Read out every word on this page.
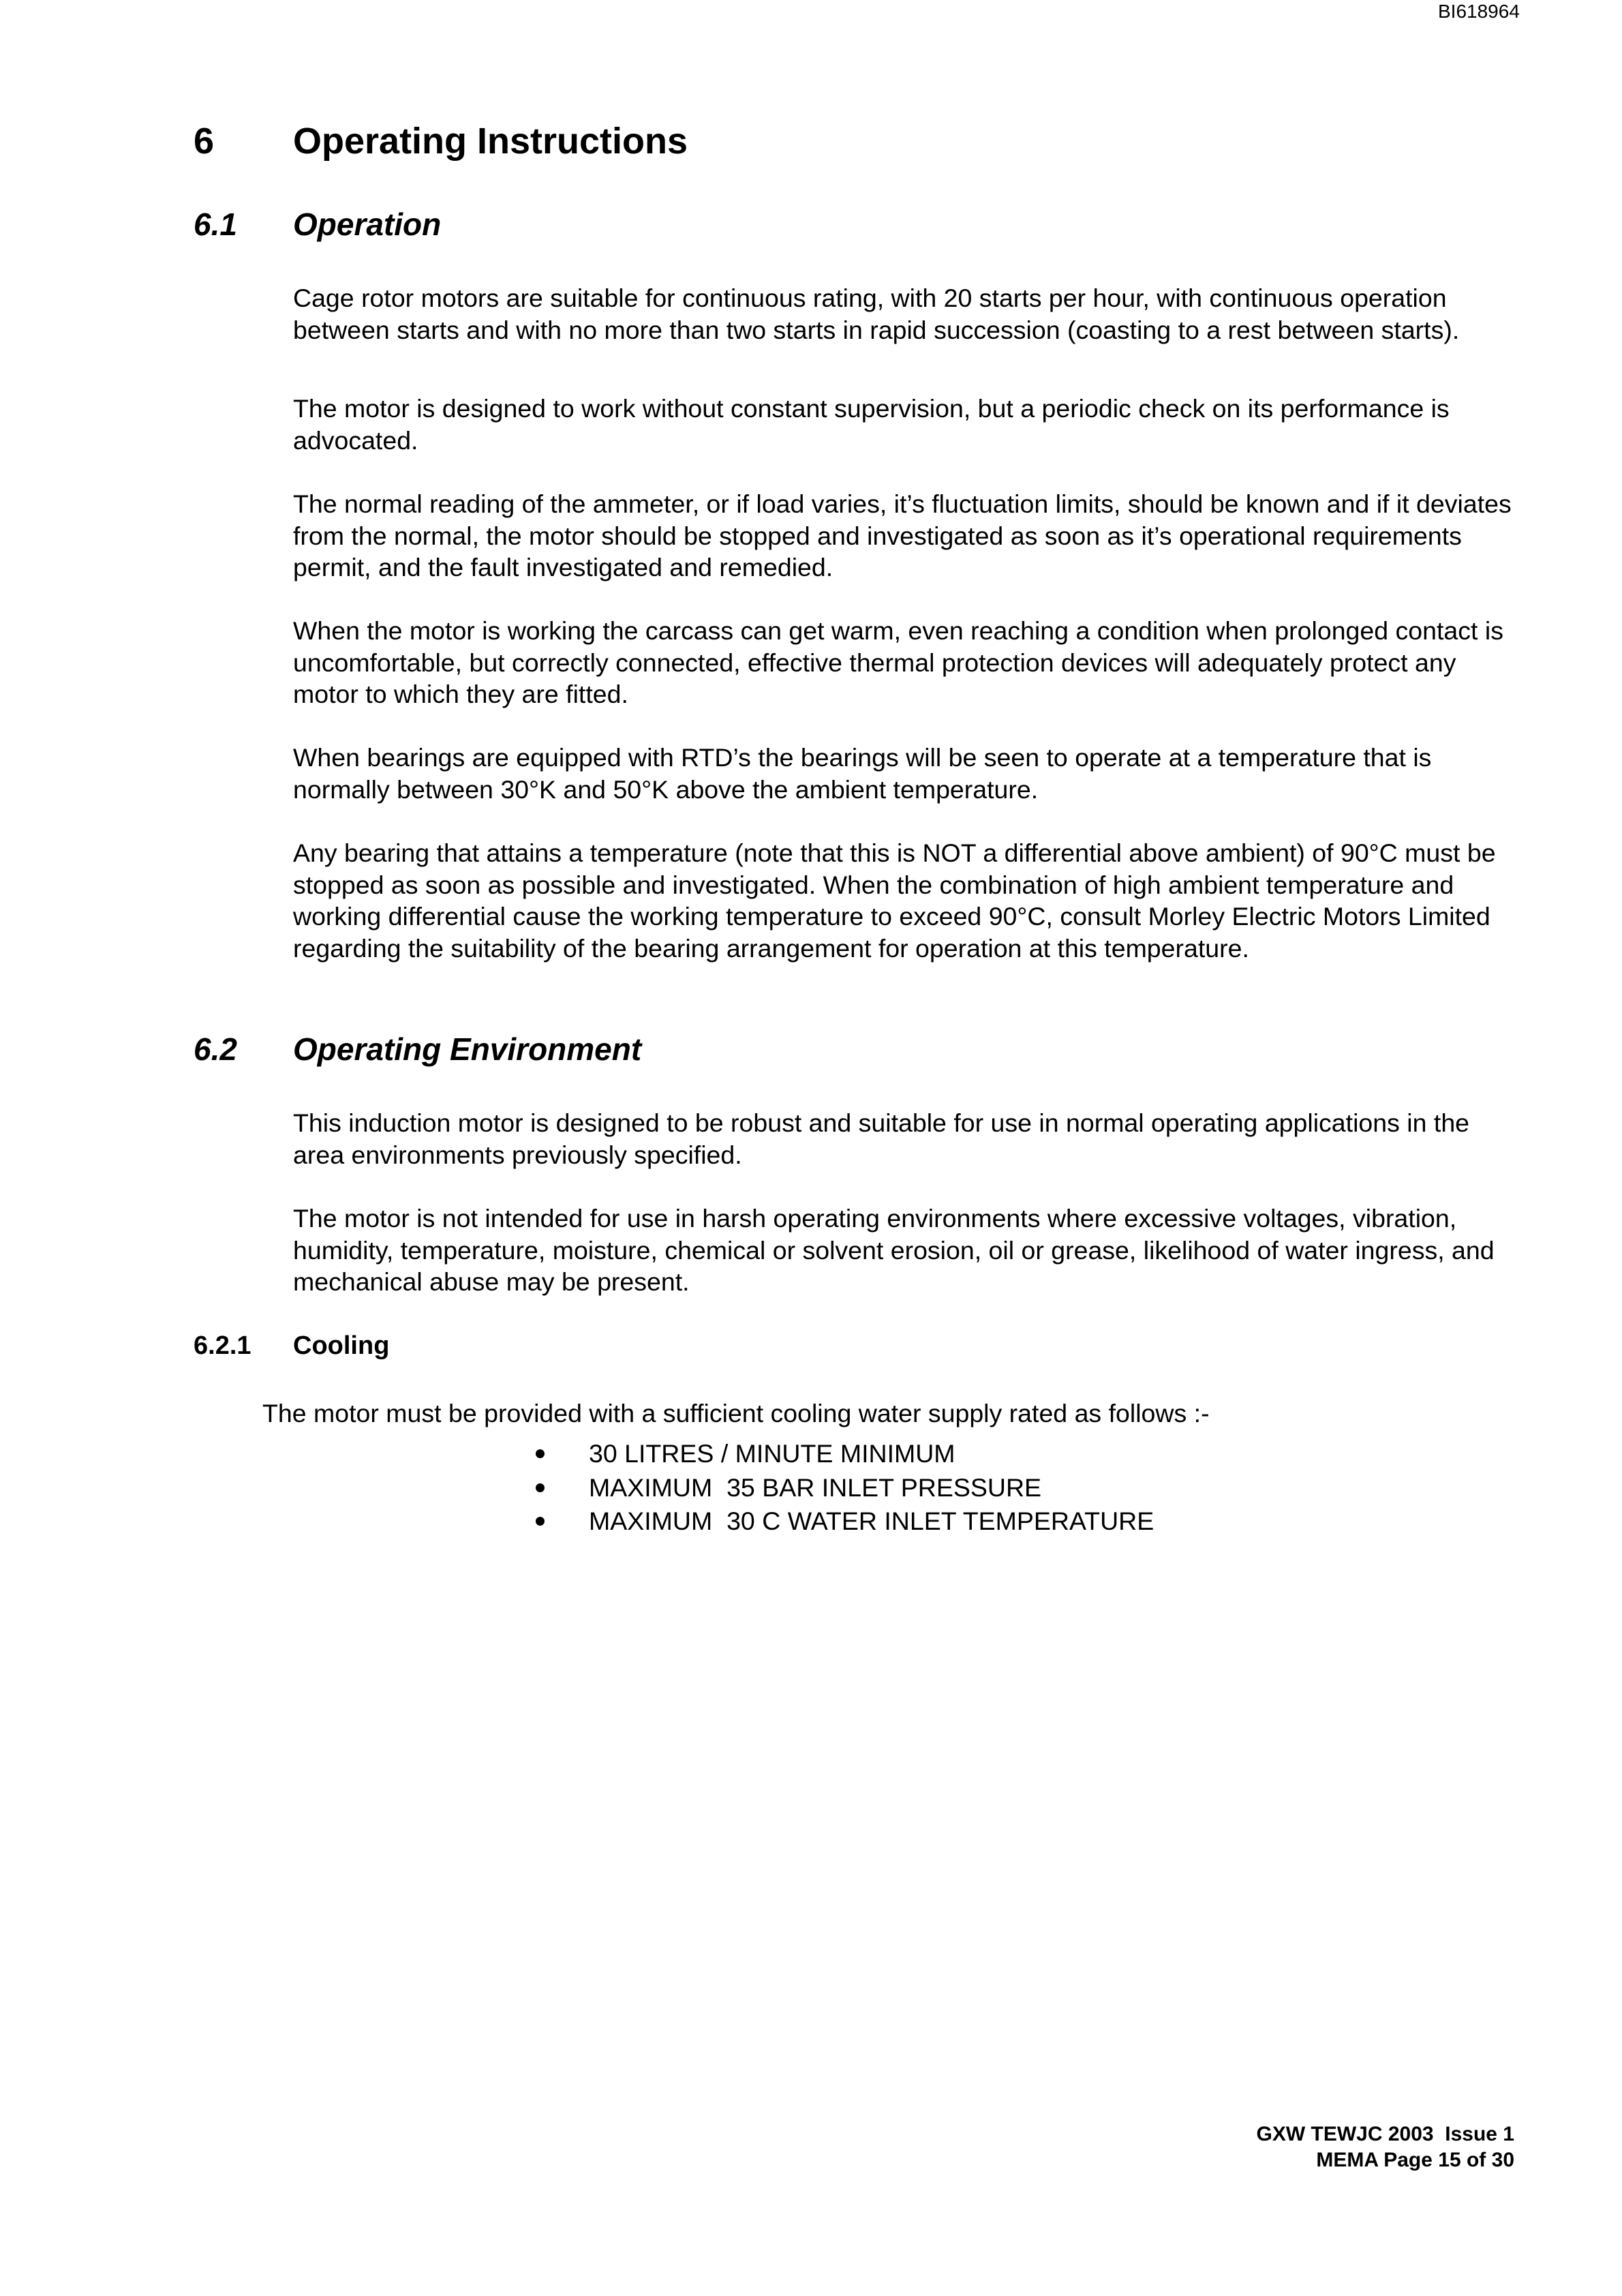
BI618964
6 Operating Instructions
6.1 Operation

Cage rotor motors are suitable for continuous rating, with 20 starts per hour, with continuous operation between starts and with no more than two starts in rapid succession (coasting to a rest between starts).

The motor is designed to work without constant supervision, but a periodic check on its performance is advocated.

The normal reading of the ammeter, or if load varies, it’s fluctuation limits, should be known and if it deviates from the normal, the motor should be stopped and investigated as soon as it’s operational requirements permit, and the fault investigated and remedied.

When the motor is working the carcass can get warm, even reaching a condition when prolonged contact is uncomfortable, but correctly connected, effective thermal protection devices will adequately protect any motor to which they are fitted.

When bearings are equipped with RTD’s the bearings will be seen to operate at a temperature that is normally between 30°K and 50°K above the ambient temperature.

Any bearing that attains a temperature (note that this is NOT a differential above ambient) of 90°C must be stopped as soon as possible and investigated. When the combination of high ambient temperature and working differential cause the working temperature to exceed 90°C, consult Morley Electric Motors Limited regarding the suitability of the bearing arrangement for operation at this temperature.

6.2 Operating Environment

This induction motor is designed to be robust and suitable for use in normal operating applications in the area environments previously specified.

The motor is not intended for use in harsh operating environments where excessive voltages, vibration, humidity, temperature, moisture, chemical or solvent erosion, oil or grease, likelihood of water ingress, and mechanical abuse may be present.

6.2.1 Cooling

The motor must be provided with a sufficient cooling water supply rated as follows :-

30 LITRES / MINUTE MINIMUM
MAXIMUM  35 BAR INLET PRESSURE
MAXIMUM  30 C WATER INLET TEMPERATURE
GXW TEWJC 2003  Issue 1
MEMA Page 15 of 30
